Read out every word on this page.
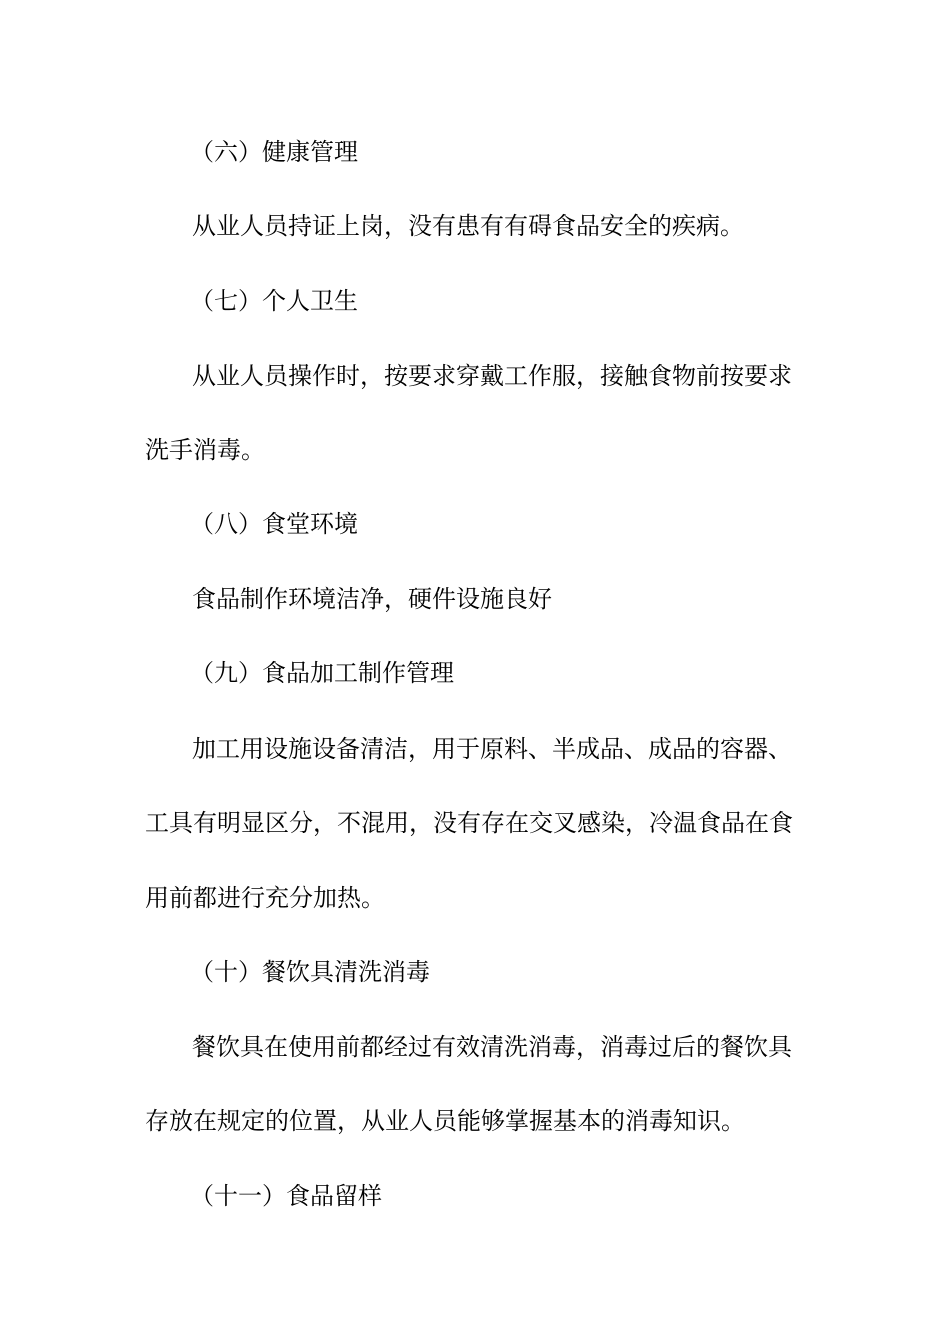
（六）健康管理
从业人员持证上岗，没有患有有碍食品安全的疾病。
（七）个人卫生
从业人员操作时，按要求穿戴工作服，接触食物前按要求
洗手消毒。
（八）食堂环境
食品制作环境洁净，硬件设施良好
（九）食品加工制作管理
加工用设施设备清洁，用于原料、半成品、成品的容器、
工具有明显区分，不混用，没有存在交叉感染，冷温食品在食
用前都进行充分加热。
（十）餐饮具清洗消毒
餐饮具在使用前都经过有效清洗消毒，消毒过后的餐饮具
存放在规定的位置，从业人员能够掌握基本的消毒知识。
（十一）食品留样
